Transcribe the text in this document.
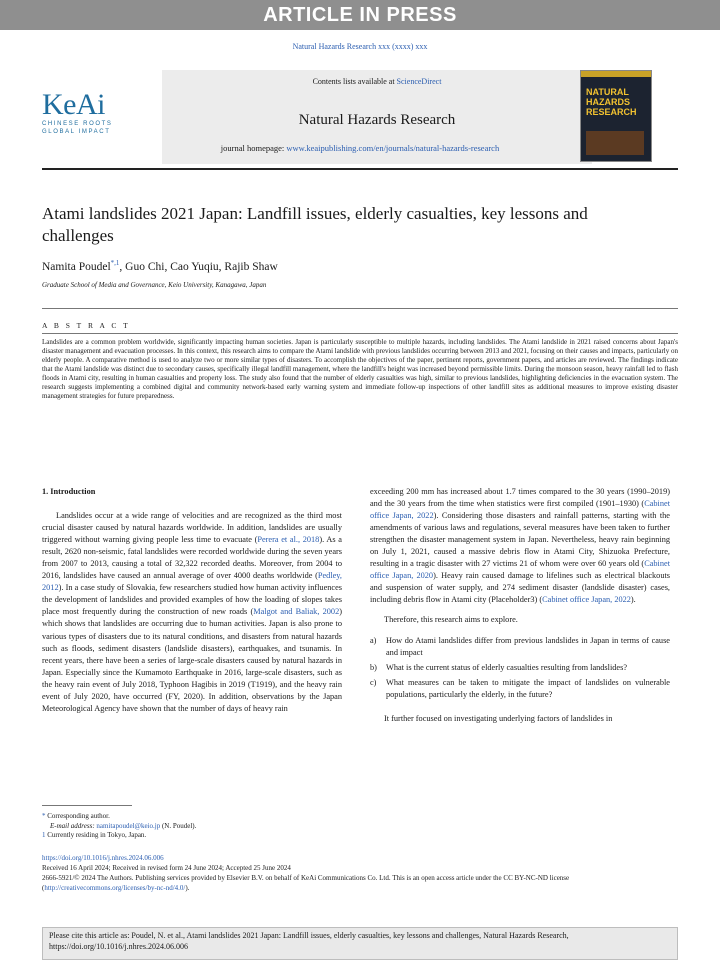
ARTICLE IN PRESS
Natural Hazards Research xxx (xxxx) xxx
KeAi
CHINESE ROOTS
GLOBAL IMPACT
Contents lists available at ScienceDirect
Natural Hazards Research
NATURAL HAZARDS RESEARCH
journal homepage: www.keaipublishing.com/en/journals/natural-hazards-research
Atami landslides 2021 Japan: Landfill issues, elderly casualties, key lessons and challenges
Namita Poudel$^{*,1}$, Guo Chi, Cao Yuqiu, Rajib Shaw
Graduate School of Media and Governance, Keio University, Kanagawa, Japan
A B S T R A C T
Landslides are a common problem worldwide, significantly impacting human societies. Japan is particularly susceptible to multiple hazards, including landslides. The Atami landslide in 2021 raised concerns about Japan's disaster management and evacuation processes. In this context, this research aims to compare the Atami landslide with previous landslides occurring between 2013 and 2021, focusing on their causes and impacts, particularly on elderly people. A comparative method is used to analyze two or more similar types of disasters. To accomplish the objectives of the paper, pertinent reports, government papers, and articles are reviewed. The findings indicate that the Atami landslide was distinct due to secondary causes, specifically illegal landfill management, where the landfill's height was increased beyond permissible limits. During the monsoon season, heavy rainfall led to flash floods in Atami city, resulting in human casualties and property loss. The study also found that the number of elderly casualties was high, similar to previous landslides, highlighting deficiencies in the evacuation system. The research suggests implementing a combined digital and community network-based early warning system and immediate follow-up inspections of other landfill sites as additional measures to improve existing disaster management strategies for future preparedness.

1. Introduction

Landslides occur at a wide range of velocities and are recognized as the third most crucial disaster caused by natural hazards worldwide. In addition, landslides are usually triggered without warning giving people less time to evacuate (Perera et al., 2018). As a result, 2620 non-seismic, fatal landslides were recorded worldwide during the seven years from 2007 to 2013, causing a total of 32,322 recorded deaths. Moreover, from 2004 to 2016, landslides have caused an annual average of over 4000 deaths worldwide (Pedley, 2012). In a case study of Slovakia, few researchers studied how human activity influences the development of landslides and provided examples of how the loading of slopes takes place most frequently during the construction of new roads (Malgot and Baliak, 2002) which shows that landslides are occurring due to human activities. Japan is also prone to various types of disasters due to its natural conditions, and disasters from natural hazards such as floods, sediment disasters (landslide disasters), earthquakes, and tsunamis. In recent years, there have been a series of large-scale disasters caused by natural hazards in Japan. Especially since the Kumamoto Earthquake in 2016, large-scale disasters, such as the heavy rain event of July 2018, Typhoon Hagibis in 2019 (T1919), and the heavy rain event of July 2020, have occurred (FY, 2020). In addition, observations by the Japan Meteorological Agency have shown that the number of days of heavy rain

exceeding 200 mm has increased about 1.7 times compared to the 30 years (1990–2019) and the 30 years from the time when statistics were first compiled (1901–1930) (Cabinet office Japan, 2022). Considering those disasters and rainfall patterns, starting with the amendments of various laws and regulations, several measures have been taken to further strengthen the disaster management system in Japan. Nevertheless, heavy rain beginning on July 1, 2021, caused a massive debris flow in Atami City, Shizuoka Prefecture, resulting in a tragic disaster with 27 victims 21 of whom were over 60 years old (Cabinet office Japan, 2020). Heavy rain caused damage to lifelines such as electrical blackouts and suspension of water supply, and 274 sediment disaster (landslide disaster) cases, including debris flow in Atami city (Placeholder3) (Cabinet office Japan, 2022).

Therefore, this research aims to explore.

a) How do Atami landslides differ from previous landslides in Japan in terms of cause and impact
b) What is the current status of elderly casualties resulting from landslides?
c) What measures can be taken to mitigate the impact of landslides on vulnerable populations, particularly the elderly, in the future?

It further focused on investigating underlying factors of landslides in

* Corresponding author.
E-mail address: namitapoudel@keio.jp (N. Poudel).
1 Currently residing in Tokyo, Japan.
https://doi.org/10.1016/j.nhres.2024.06.006
Received 16 April 2024; Received in revised form 24 June 2024; Accepted 25 June 2024
2666-5921/© 2024 The Authors. Publishing services provided by Elsevier B.V. on behalf of KeAi Communications Co. Ltd. This is an open access article under the CC BY-NC-ND license (http://creativecommons.org/licenses/by-nc-nd/4.0/).
Please cite this article as: Poudel, N. et al., Atami landslides 2021 Japan: Landfill issues, elderly casualties, key lessons and challenges, Natural Hazards Research, https://doi.org/10.1016/j.nhres.2024.06.006
